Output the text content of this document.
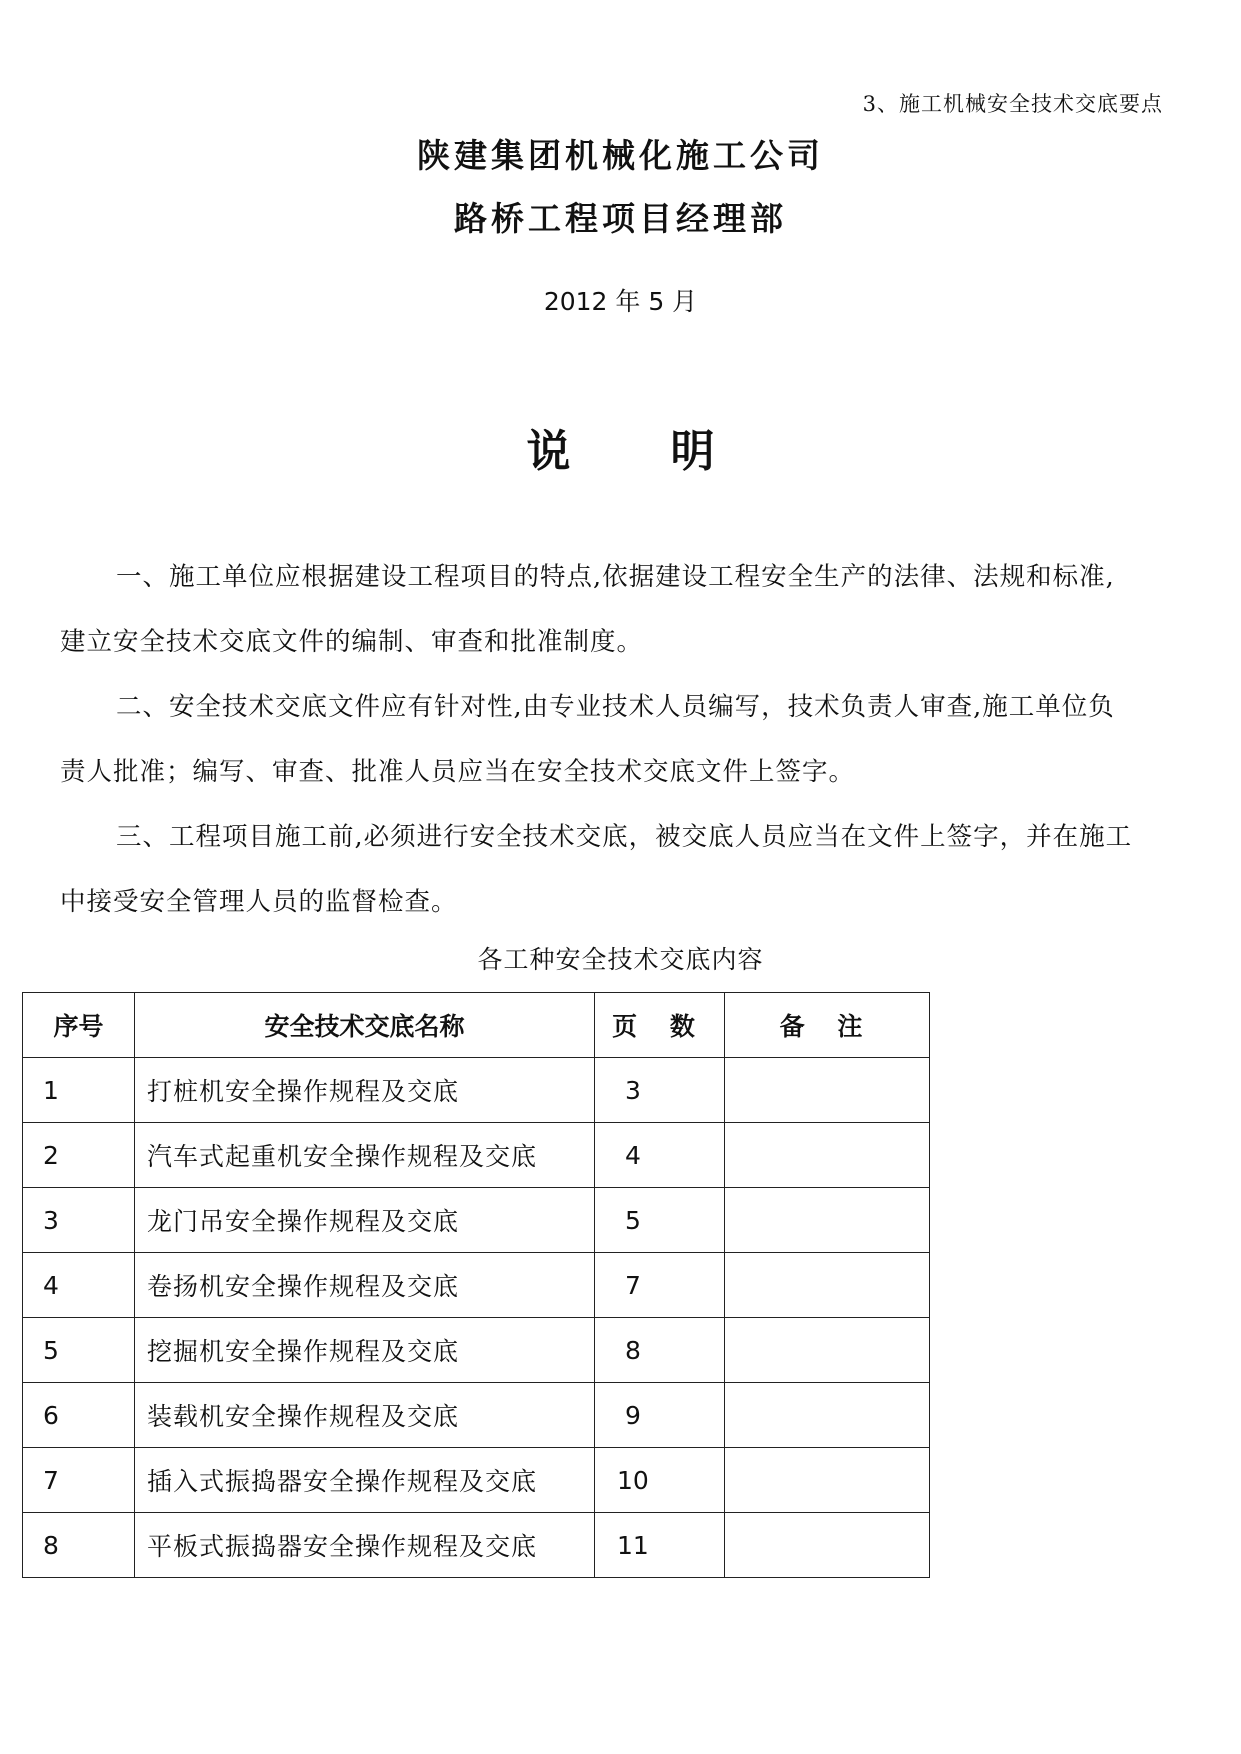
3、施工机械安全技术交底要点
陕建集团机械化施工公司
路桥工程项目经理部
2012 年 5 月
说 明

一、施工单位应根据建设工程项目的特点,依据建设工程安全生产的法律、法规和标准,建立安全技术交底文件的编制、审查和批准制度。

二、安全技术交底文件应有针对性,由专业技术人员编写，技术负责人审查,施工单位负责人批准；编写、审查、批准人员应当在安全技术交底文件上签字。

三、工程项目施工前,必须进行安全技术交底，被交底人员应当在文件上签字，并在施工中接受安全管理人员的监督检查。

各工种安全技术交底内容
序号	安全技术交底名称	页 数	备 注
1	打桩机安全操作规程及交底	3	
2	汽车式起重机安全操作规程及交底	4	
3	龙门吊安全操作规程及交底	5	
4	卷扬机安全操作规程及交底	7	
5	挖掘机安全操作规程及交底	8	
6	装载机安全操作规程及交底	9	
7	插入式振捣器安全操作规程及交底	10	
8	平板式振捣器安全操作规程及交底	11	
